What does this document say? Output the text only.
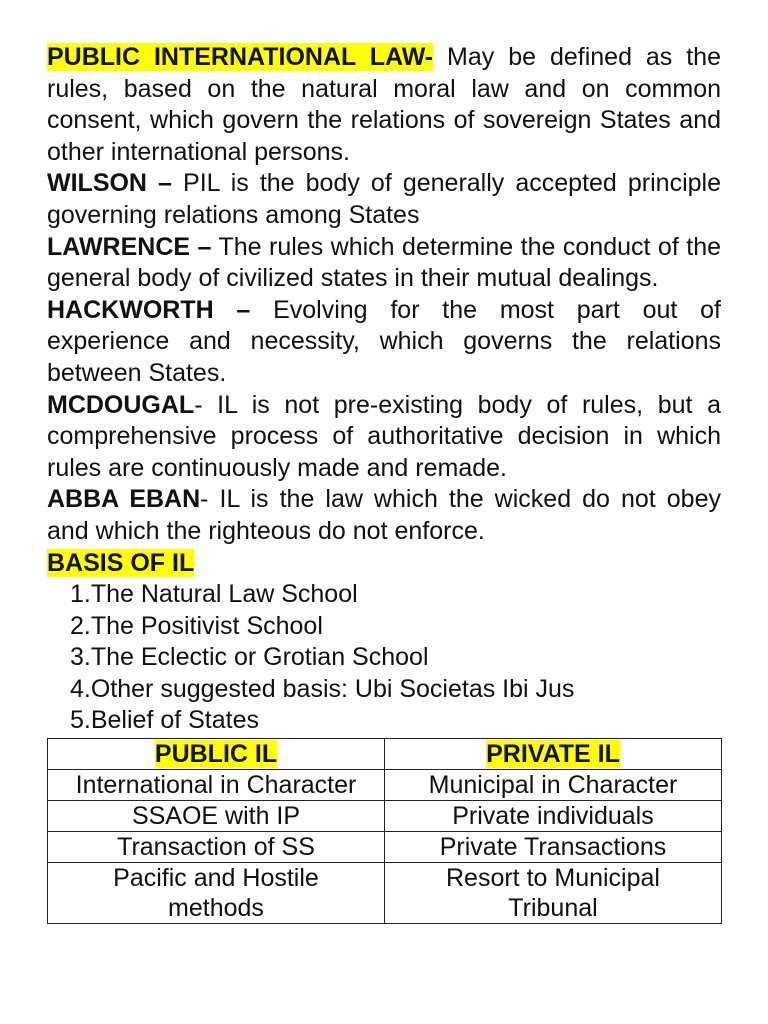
PUBLIC INTERNATIONAL LAW- May be defined as the rules, based on the natural moral law and on common consent, which govern the relations of sovereign States and other international persons.

WILSON – PIL is the body of generally accepted principle governing relations among States

LAWRENCE – The rules which determine the conduct of the general body of civilized states in their mutual dealings.

HACKWORTH – Evolving for the most part out of experience and necessity, which governs the relations between States.

MCDOUGAL- IL is not pre-existing body of rules, but a comprehensive process of authoritative decision in which rules are continuously made and remade.

ABBA EBAN- IL is the law which the wicked do not obey and which the righteous do not enforce.

BASIS OF IL

1.The Natural Law School
2.The Positivist School
3.The Eclectic or Grotian School
4.Other suggested basis: Ubi Societas Ibi Jus
5.Belief of States
PUBLIC IL	PRIVATE IL
International in Character	Municipal in Character
SSAOE with IP	Private individuals
Transaction of SS	Private Transactions
Pacific and Hostile methods	Resort to Municipal Tribunal
